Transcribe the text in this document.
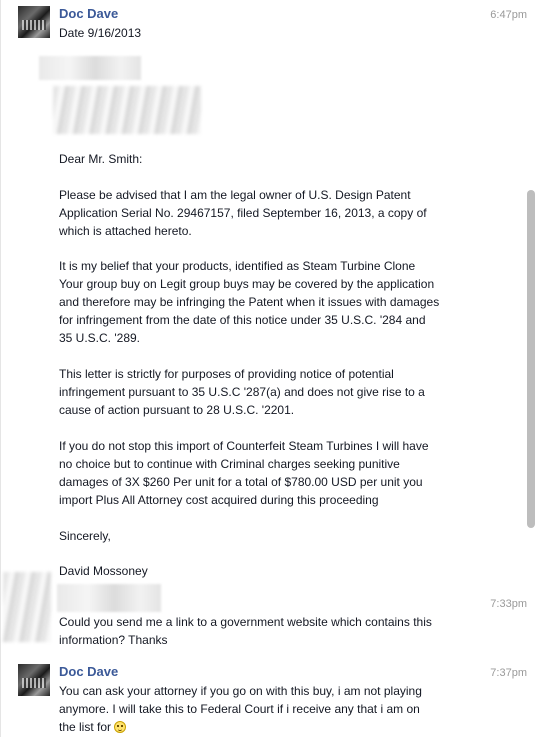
Doc Dave	6:47pm
Date 9/16/2013
Dear Mr. Smith:
Please be advised that I am the legal owner of U.S. Design Patent
Application Serial No. 29467157, filed September 16, 2013, a copy of
which is attached hereto.
It is my belief that your products, identified as Steam Turbine Clone
Your group buy on Legit group buys may be covered by the application
and therefore may be infringing the Patent when it issues with damages
for infringement from the date of this notice under 35 U.S.C. '284 and
35 U.S.C. '289.
This letter is strictly for purposes of providing notice of potential
infringement pursuant to 35 U.S.C '287(a) and does not give rise to a
cause of action pursuant to 28 U.S.C. '2201.
If you do not stop this import of Counterfeit Steam Turbines I will have
no choice but to continue with Criminal charges seeking punitive
damages of 3X $260 Per unit for a total of $780.00 USD per unit you
import Plus All Attorney cost acquired during this proceeding
Sincerely,
David Mossoney
7:33pm
Could you send me a link to a government website which contains this
information? Thanks
Doc Dave	7:37pm
You can ask your attorney if you go on with this buy, i am not playing
anymore. I will take this to Federal Court if i receive any that i am on
the list for
